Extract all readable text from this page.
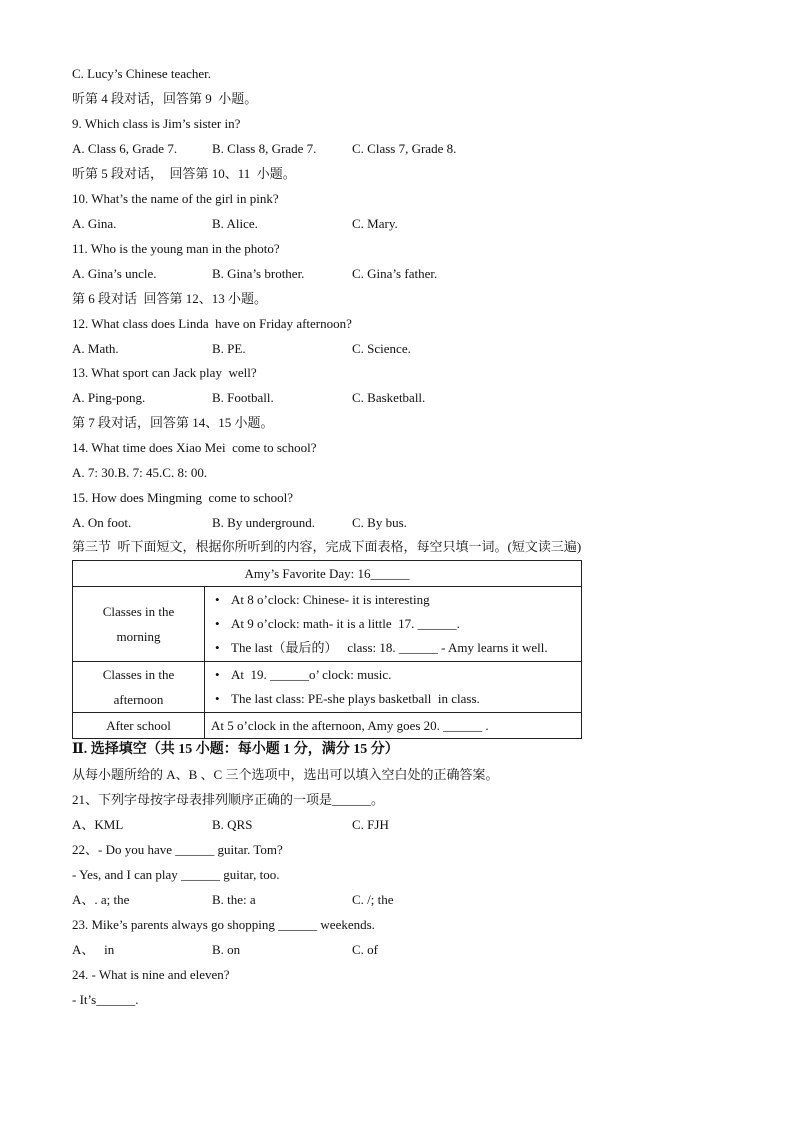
C. Lucy’s Chinese teacher.
听第 4 段对话，回答第 9  小题。
9. Which class is Jim’s sister in?
A. Class 6, Grade 7.	B. Class 8, Grade 7.	C. Class 7, Grade 8.
听第 5 段对话，  回答第 10、11  小题。
10. What’s the name of the girl in pink?
A. Gina.	B. Alice.	C. Mary.
11. Who is the young man in the photo?
A. Gina’s uncle.	B. Gina’s brother.	C. Gina’s father.
第 6 段对话  回答第 12、13 小题。
12. What class does Linda  have on Friday afternoon?
A. Math.	B. PE.	C. Science.
13. What sport can Jack play  well?
A. Ping-pong.	B. Football.	C. Basketball.
第 7 段对话，回答第 14、15 小题。
14. What time does Xiao Mei  come to school?
A. 7: 30.B. 7: 45.C. 8: 00.
15. How does Mingming  come to school?
A. On foot.	B. By underground.	C. By bus.
第三节  听下面短文，根据你所听到的内容，完成下面表格，每空只填一词。(短文读三遍)
Amy’s Favorite Day: 16______	

Classes in the morning	• At 8 o’clock: Chinese- it is interesting
• At 9 o’clock: math- it is a little  17. ______.
• The last（最后的）   class: 18. ______ - Amy learns it well.

Classes in the afternoon	• At  19. ______o’ clock: music.
• The last class: PE-she plays basketball  in class.

After school	At 5 o’clock in the afternoon, Amy goes 20. ______ .
Ⅱ. 选择填空（共 15 小题：每小题 1 分，满分 15 分）
从每小题所给的 A、B 、C 三个选项中，选出可以填入空白处的正确答案。
21、下列字母按字母表排列顺序正确的一项是______。
A、KML	B. QRS	C. FJH
22、- Do you have ______ guitar. Tom?
- Yes, and I can play ______ guitar, too.
A、. a; the	B. the: a	C. /; the
23. Mike’s parents always go shopping ______ weekends.
A、   in	B. on	C. of
24. - What is nine and eleven?
- It’s______.
